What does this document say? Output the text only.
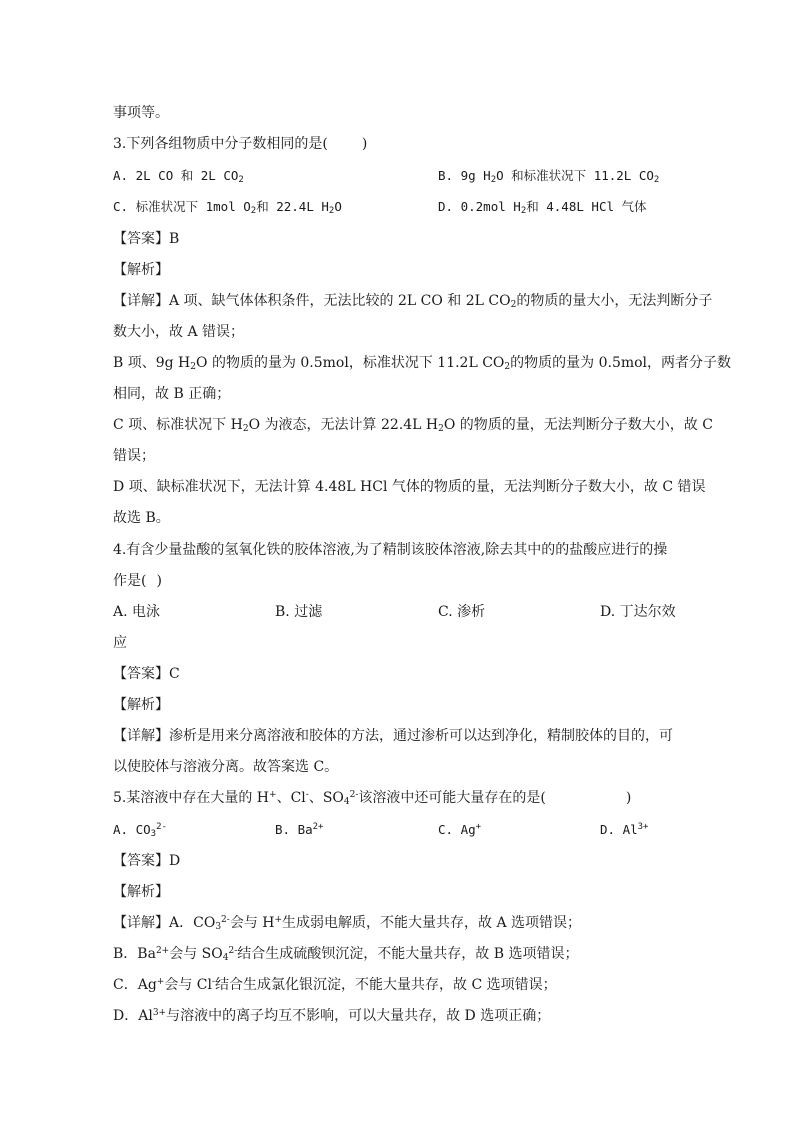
事项等。
3.下列各组物质中分子数相同的是( )
A. 2L CO 和 2L $CO_2$	B. 9g $H_2O$ 和标准状况下 11.2L $CO_2$
C. 标准状况下 1mol $O_2$和 22.4L $H_2O$	D. 0.2mol $H_2$和 4.48L HCl 气体
【答案】B
【解析】
【详解】A 项、缺气体体积条件，无法比较的 2L CO 和 2L $CO_2$的物质的量大小，无法判断分子
数大小，故 A 错误；
B 项、9g $H_2O$ 的物质的量为 0.5mol，标准状况下 11.2L $CO_2$的物质的量为 0.5mol，两者分子数
相同，故 B 正确；
C 项、标准状况下 $H_2O$ 为液态，无法计算 22.4L $H_2O$ 的物质的量，无法判断分子数大小，故 C
错误；
D 项、缺标准状况下，无法计算 4.48L HCl 气体的物质的量，无法判断分子数大小，故 C 错误
故选 B。
4.有含少量盐酸的氢氧化铁的胶体溶液,为了精制该胶体溶液,除去其中的的盐酸应进行的操
作是( )
A. 电泳	B. 过滤	C. 渗析	D. 丁达尔效
应
【答案】C
【解析】
【详解】渗析是用来分离溶液和胶体的方法，通过渗析可以达到净化，精制胶体的目的，可
以使胶体与溶液分离。故答案选 C。
5.某溶液中存在大量的 H+、Cl-、$SO_4^{2-}$该溶液中还可能大量存在的是(	)
A. $CO_3^{2-}$	B. $Ba^{2+}$	C. Ag+	D. $Al^{3+}$
【答案】D
【解析】
【详解】A．$CO_3^{2-}$会与 H+生成弱电解质，不能大量共存，故 A 选项错误；
B．$Ba^{2+}$会与 $SO_4^{2-}$结合生成硫酸钡沉淀，不能大量共存，故 B 选项错误；
C．Ag+会与 Cl-结合生成氯化银沉淀，不能大量共存，故 C 选项错误；
D．$Al^{3+}$与溶液中的离子均互不影响，可以大量共存，故 D 选项正确；
